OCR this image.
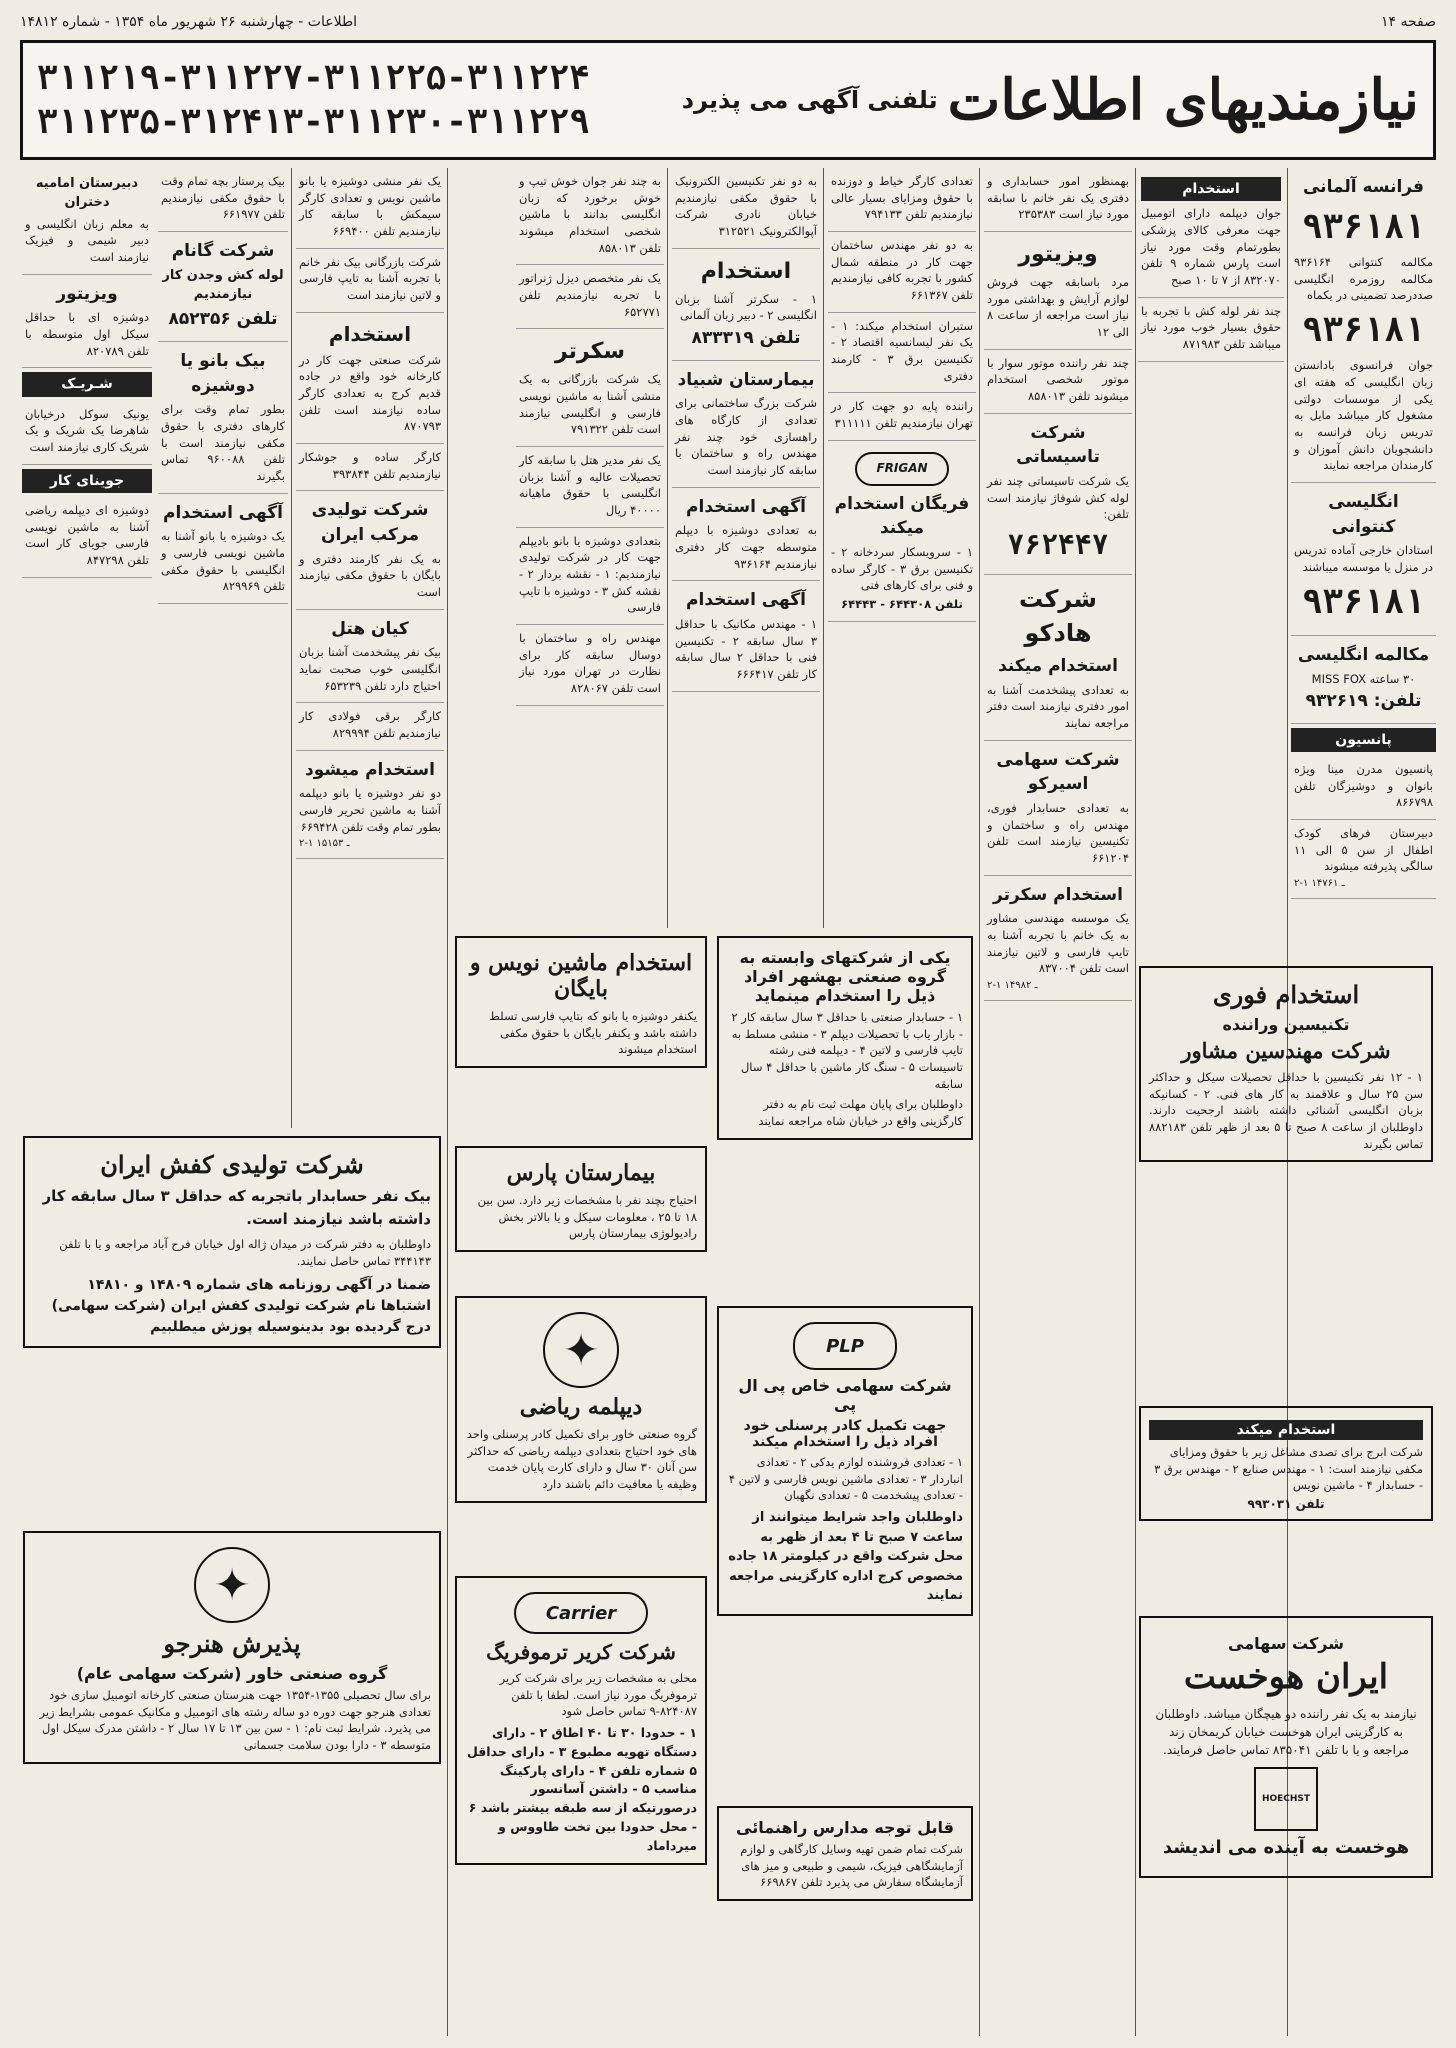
صفحه ۱۴
اطلاعات - چهارشنبه ۲۶ شهریور ماه ۱۳۵۴ - شماره ۱۴۸۱۲
نیازمندیهای اطلاعات
تلفنی آگهی می پذیرد
۳۱۱۲۱۹-۳۱۱۲۲۷-۳۱۱۲۲۵-۳۱۱۲۲۴
۳۱۱۲۳۵-۳۱۲۴۱۳-۳۱۱۲۳۰-۳۱۱۲۲۹
فرانسه آلمانی
۹۳۶۱۸۱

مکالمه کنتوانی ۹۳۶۱۶۴ مکالمه روزمره انگلیسی صددرصد تضمینی در یکماه

۹۳۶۱۸۱

جوان فرانسوی بادانستن زبان انگلیسی که هفته ای یکی از موسسات دولتی مشغول کار میباشد مایل به تدریس زبان فرانسه به دانشجویان دانش آموزان و کارمندان مراجعه نمایند

انگلیسی کنتوانی

استادان خارجی آماده تدریس در منزل یا موسسه میباشند

۹۳۶۱۸۱
مکالمه انگلیسی

۳۰ ساعته MISS FOX

تلفن: ۹۳۲۶۱۹
پانسیون

پانسیون مدرن مینا ویژه بانوان و دوشیزگان تلفن ۸۶۶۷۹۸

دبیرستان فرهای کودک اطفال از سن ۵ الی ۱۱ سالگی پذیرفته میشوند

۲-۱ ـ ۱۴۷۶۱
استخدام

جوان دیپلمه دارای اتومبیل جهت معرفی کالای پزشکی بطورتمام وقت مورد نیاز است پارس شماره ۹ تلفن ۸۳۲۰۷۰ از ۷ تا ۱۰ صبح

چند نفر لوله کش با تجربه با حقوق بسیار خوب مورد نیاز میباشد تلفن ۸۷۱۹۸۳

بهمنظور امور حسابداری و دفتری یک نفر خانم با سابقه مورد نیاز است ۲۳۵۳۸۳

ویزیتور

مرد باسابقه جهت فروش لوازم آرایش و بهداشتی مورد نیاز است مراجعه از ساعت ۸ الی ۱۲

چند نفر راننده موتور سوار با موتور شخصی استخدام میشوند تلفن ۸۵۸۰۱۳

شرکت تاسیساتی

یک شرکت تاسیساتی چند نفر لوله کش شوفاژ نیازمند است تلفن:

۷۶۲۴۴۷
شرکت هادکو
استخدام میکند

به تعدادی پیشخدمت آشنا به امور دفتری نیازمند است دفتر مراجعه نمایند

شرکت سهامی اسیرکو

به تعدادی حسابدار فوری، مهندس راه و ساختمان و تکنیسین نیازمند است تلفن ۶۶۱۲۰۴

استخدام سکرتر

یک موسسه مهندسی مشاور به یک خانم با تجربه آشنا به تایپ فارسی و لاتین نیازمند است تلفن ۸۳۷۰۰۴

۲-۱ ـ ۱۴۹۸۲	استخدام فوری
تکنیسین وراننده
شرکت مهندسین مشاور

۱ - ۱۲ نفر تکنیسین با حداقل تحصیلات سیکل و حداکثر سن ۲۵ سال و علاقمند به کار های فنی. ۲ - کسانیکه بزبان انگلیسی آشنائی داشته باشند ارجحیت دارند. داوطلبان از ساعت ۸ صبح تا ۵ بعد از ظهر تلفن ۸۸۲۱۸۳ تماس بگیرند

استخدام میکند

شرکت ابرج برای تصدی مشاغل زیر با حقوق ومزایای مکفی نیازمند است: ۱ - مهندس صنایع ۲ - مهندس برق ۳ - حسابدار ۴ - ماشین نویس

تلفن ۹۹۳۰۳۱

شرکت سهامی
ایران هوخست

نیازمند به یک نفر راننده دو هیچگان میباشد. داوطلبان به کارگزینی ایران هوخست خیابان کریمخان زند مراجعه و یا با تلفن ۸۳۵۰۴۱ تماس حاصل فرمایند.

HOECHST
هوخست به آینده می اندیشد

تعدادی کارگر خیاط و دوزنده با حقوق ومزایای بسیار عالی نیازمندیم تلفن ۷۹۴۱۳۳

به دو نفر مهندس ساختمان جهت کار در منطقه شمال کشور با تجربه کافی نیازمندیم تلفن ۶۶۱۳۶۷

ستیران استخدام میکند: ۱ - یک نفر لیسانسیه اقتصاد ۲ - تکنیسین برق ۳ - کارمند دفتری

راننده پایه دو جهت کار در تهران نیازمندیم تلفن ۳۱۱۱۱۱

FRIGAN
فریگان استخدام میکند

۱ - سرویسکار سردخانه ۲ - تکنیسین برق ۳ - کارگر ساده و فنی برای کارهای فنی

تلفن ۶۴۴۳۰۸ - ۶۴۴۴۳

به دو نفر تکنیسین الکترونیک با حقوق مکفی نیازمندیم خیابان نادری شرکت آپوالکترونیک ۳۱۲۵۲۱

استخدام

۱ - سکرتر آشنا بزبان انگلیسی ۲ - دبیر زبان آلمانی

تلفن ۸۳۳۳۱۹
بیمارستان شبیاد

شرکت بزرگ ساختمانی برای تعدادی از کارگاه های راهسازی خود چند نفر مهندس راه و ساختمان با سابقه کار نیازمند است

آگهی استخدام

به تعدادی دوشیزه با دیپلم متوسطه جهت کار دفتری نیازمندیم ۹۳۶۱۶۴

آگهی استخدام

۱ - مهندس مکانیک با حداقل ۳ سال سابقه ۲ - تکنیسین فنی با حداقل ۲ سال سابقه کار تلفن ۶۶۶۴۱۷

به چند نفر جوان خوش تیپ و خوش برخورد که زبان انگلیسی بدانند با ماشین شخصی استخدام میشوند تلفن ۸۵۸۰۱۳

یک نفر متخصص دیزل ژنراتور با تجربه نیازمندیم تلفن ۶۵۲۷۷۱

سکرتر

یک شرکت بازرگانی به یک منشی آشنا به ماشین نویسی فارسی و انگلیسی نیازمند است تلفن ۷۹۱۳۲۲

یک نفر مدیر هتل با سابقه کار تحصیلات عالیه و آشنا بزبان انگلیسی با حقوق ماهیانه ۴۰۰۰۰ ریال

بتعدادی دوشیزه یا بانو بادیپلم جهت کار در شرکت تولیدی نیازمندیم: ۱ - نقشه بردار ۲ - نقشه کش ۳ - دوشیزه با تایپ فارسی

مهندس راه و ساختمان با دوسال سابقه کار برای نظارت در تهران مورد نیاز است تلفن ۸۲۸۰۶۷

یکی از شرکتهای وابسته به گروه صنعتی بهشهر افراد ذیل را استخدام مینماید

۱ - حسابدار صنعتی با حداقل ۳ سال سابقه کار ۲ - بازار یاب با تحصیلات دیپلم ۳ - منشی مسلط به تایپ فارسی و لاتین ۴ - دیپلمه فنی رشته تاسیسات ۵ - سنگ کار ماشین با حداقل ۴ سال سابقه

داوطلبان برای پایان مهلت ثبت نام به دفتر کارگزینی واقع در خیابان شاه مراجعه نمایند

PLP
شرکت سهامی خاص پی ال پی
جهت تکمیل کادر پرسنلی خود افراد ذیل را استخدام میکند

۱ - تعدادی فروشنده لوازم یدکی ۲ - تعدادی انباردار ۳ - تعدادی ماشین نویس فارسی و لاتین ۴ - تعدادی پیشخدمت ۵ - تعدادی نگهبان

داوطلبان واجد شرایط میتوانند از ساعت ۷ صبح تا ۴ بعد از ظهر به محل شرکت واقع در کیلومتر ۱۸ جاده مخصوص کرج اداره کارگزینی مراجعه نمایند

قابل توجه مدارس راهنمائی

شرکت تمام ضمن تهیه وسایل کارگاهی و لوازم آزمایشگاهی فیزیک، شیمی و طبیعی و میز های آزمایشگاه سفارش می پذیرد تلفن ۶۶۹۸۶۷

استخدام ماشین نویس و بایگان

یکنفر دوشیزه یا بانو که بتایپ فارسی تسلط داشته باشد و یکنفر بایگان با حقوق مکفی استخدام میشوند

بیمارستان پارس

احتیاج بچند نفر با مشخصات زیر دارد. سن بین ۱۸ تا ۲۵ ، معلومات سیکل و یا بالاتر بخش رادیولوژی بیمارستان پارس

✦
دیپلمه ریاضی

گروه صنعتی خاور برای تکمیل کادر پرسنلی واحد های خود احتیاج بتعدادی دیپلمه ریاضی که حداکثر سن آنان ۳۰ سال و دارای کارت پایان خدمت وظیفه یا معافیت دائم باشند دارد

Carrier
شرکت کریر ترموفریگ

محلی به مشخصات زیر برای شرکت کریر ترموفریگ مورد نیاز است. لطفا با تلفن ۸۲۴۰۸۷-۹ تماس حاصل شود

۱ - حدودا ۳۰ تا ۴۰ اطاق ۲ - دارای دستگاه تهویه مطبوع ۳ - دارای حداقل ۵ شماره تلفن ۴ - دارای پارکینگ مناسب ۵ - داشتن آسانسور درصورتیکه از سه طبقه بیشتر باشد ۶ - محل حدودا بین تخت طاووس و میرداماد

یک نفر منشی دوشیزه یا بانو ماشین نویس و تعدادی کارگر سیمکش با سابقه کار نیازمندیم تلفن ۶۶۹۴۰۰

شرکت بازرگانی بیک نفر خانم با تجربه آشنا به تایپ فارسی و لاتین نیازمند است

استخدام

شرکت صنعتی جهت کار در کارخانه خود واقع در جاده قدیم کرج به تعدادی کارگر ساده نیازمند است تلفن ۸۷۰۷۹۳

کارگر ساده و جوشکار نیازمندیم تلفن ۳۹۳۸۴۴

شرکت تولیدی مرکب ایران

به یک نفر کارمند دفتری و بایگان با حقوق مکفی نیازمند است

کیان هتل

بیک نفر پیشخدمت آشنا بزبان انگلیسی خوب صحبت نماید احتیاج دارد تلفن ۶۵۳۲۳۹

کارگر برقی فولادی کار نیازمندیم تلفن ۸۲۹۹۹۴

استخدام میشود

دو نفر دوشیزه یا بانو دیپلمه آشنا به ماشین تحریر فارسی بطور تمام وقت تلفن ۶۶۹۴۲۸

۲-۱ ـ ۱۵۱۵۳

بیک پرستار بچه تمام وقت با حقوق مکفی نیازمندیم تلفن ۶۶۱۹۷۷

شرکت گانام
لوله کش وجدن کار نیازمندیم
تلفن ۸۵۲۳۵۶
بیک بانو یا دوشیزه

بطور تمام وقت برای کارهای دفتری با حقوق مکفی نیازمند است با تلفن ۹۶۰۰۸۸ تماس بگیرند

آگهی استخدام

یک دوشیزه یا بانو آشنا به ماشین نویسی فارسی و انگلیسی با حقوق مکفی تلفن ۸۲۹۹۶۹

دبیرستان امامیه دختران

به معلم زبان انگلیسی و دبیر شیمی و فیزیک نیازمند است

ویزیتور

دوشیزه ای با حداقل سیکل اول متوسطه با تلفن ۸۲۰۷۸۹

شـریـک

یونیک سوکل درخیابان شاهرضا یک شریک و یک شریک کاری نیازمند است

جوینای کار

دوشیزه ای دیپلمه ریاضی آشنا به ماشین نویسی فارسی جویای کار است تلفن ۸۴۷۲۹۸

شرکت تولیدی کفش ایران

بیک نفر حسابدار باتجربه که حداقل ۳ سال سابقه کار داشته باشد نیازمند است.

داوطلبان به دفتر شرکت در میدان ژاله اول خیابان فرح آباد مراجعه و یا با تلفن ۳۴۴۱۴۳ تماس حاصل نمایند.

ضمنا در آگهی روزنامه های شماره ۱۴۸۰۹ و ۱۴۸۱۰ اشتباها نام شرکت تولیدی کفش ایران (شرکت سهامی) درج گردیده بود بدینوسیله پوزش میطلبیم

✦
پذیرش هنرجو
گروه صنعتی خاور (شرکت سهامی عام)

برای سال تحصیلی ۱۳۵۵-۱۳۵۴ جهت هنرستان صنعتی کارخانه اتومبیل سازی خود تعدادی هنرجو جهت دوره دو ساله رشته های اتومبیل و مکانیک عمومی بشرایط زیر می پذیرد. شرایط ثبت نام: ۱ - سن بین ۱۳ تا ۱۷ سال ۲ - داشتن مدرک سیکل اول متوسطه ۳ - دارا بودن سلامت جسمانی
